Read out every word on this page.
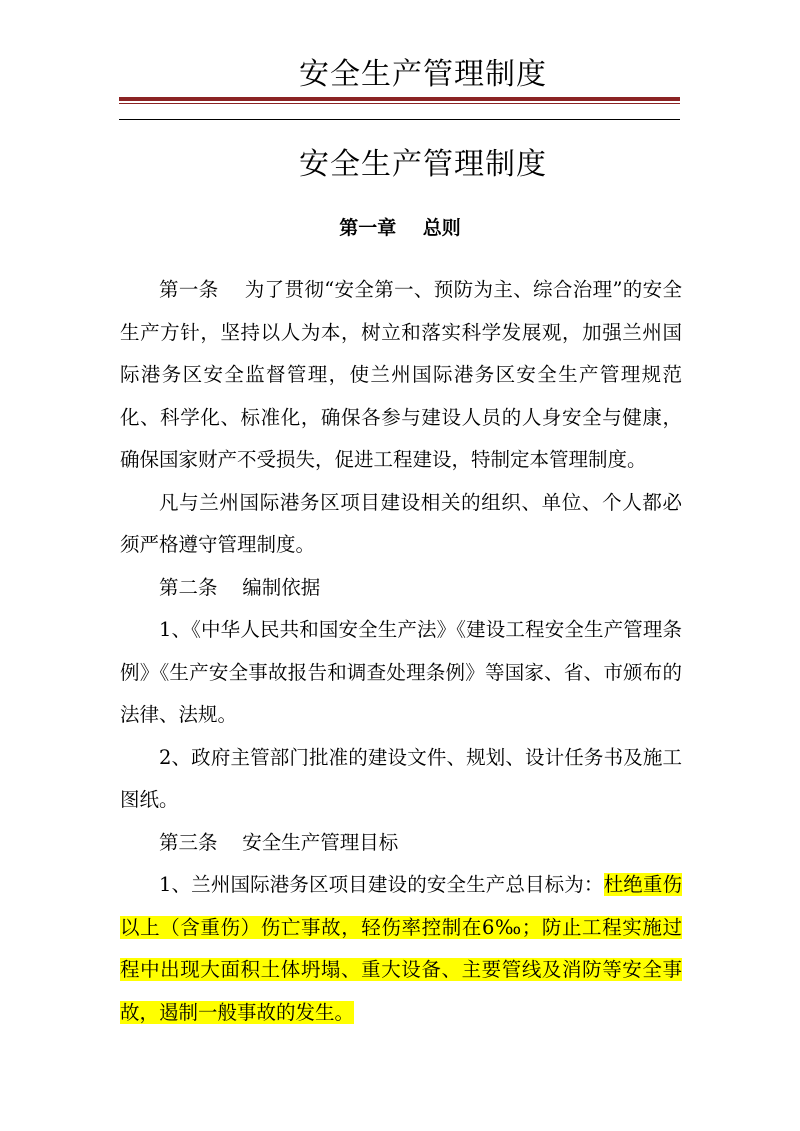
安全生产管理制度
安全生产管理制度
第一章    总则

第一条    为了贯彻“安全第一、预防为主、综合治理”的安全生产方针，坚持以人为本，树立和落实科学发展观，加强兰州国际港务区安全监督管理，使兰州国际港务区安全生产管理规范化、科学化、标准化，确保各参与建设人员的人身安全与健康，确保国家财产不受损失，促进工程建设，特制定本管理制度。

凡与兰州国际港务区项目建设相关的组织、单位、个人都必须严格遵守管理制度。

第二条    编制依据

1、《中华人民共和国安全生产法》《建设工程安全生产管理条例》《生产安全事故报告和调查处理条例》等国家、省、市颁布的法律、法规。

2、政府主管部门批准的建设文件、规划、设计任务书及施工图纸。

第三条    安全生产管理目标

1、兰州国际港务区项目建设的安全生产总目标为：杜绝重伤以上（含重伤）伤亡事故，轻伤率控制在6‰；防止工程实施过程中出现大面积土体坍塌、重大设备、主要管线及消防等安全事故，遏制一般事故的发生。
